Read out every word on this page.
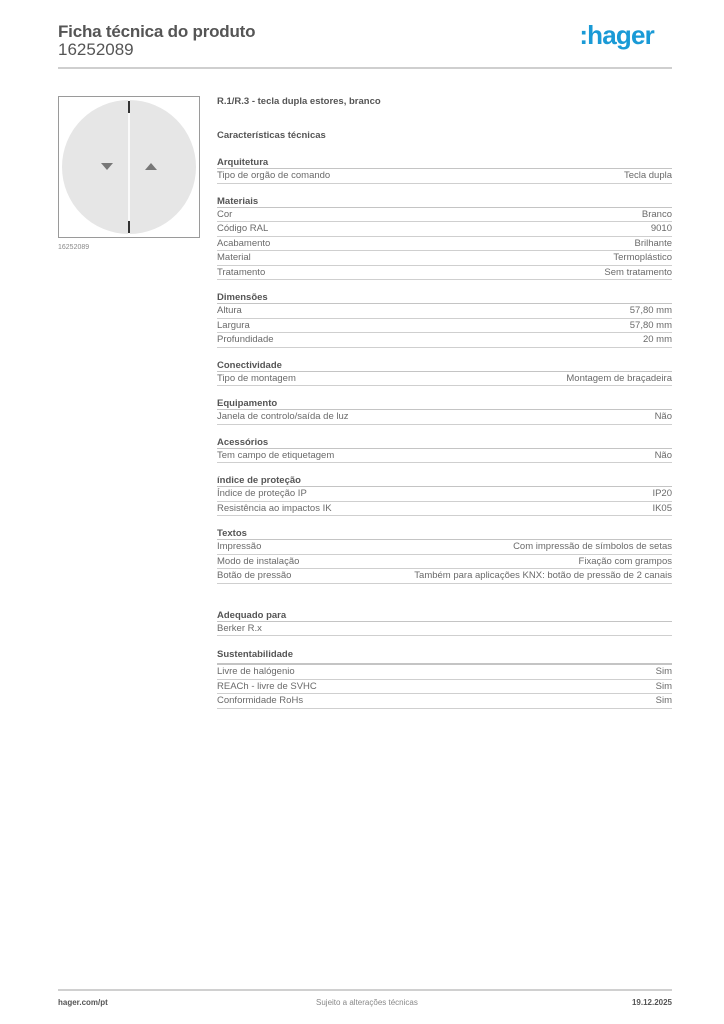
Ficha técnica do produto
16252089	:hager
16252089
R.1/R.3 - tecla dupla estores, branco
Características técnicas
Arquitetura
Tipo de orgão de comando	Tecla dupla
Materiais
Cor	Branco
Código RAL	9010
Acabamento	Brilhante
Material	Termoplástico
Tratamento	Sem tratamento
Dimensões
Altura	57,80 mm
Largura	57,80 mm
Profundidade	20 mm
Conectividade
Tipo de montagem	Montagem de braçadeira
Equipamento
Janela de controlo/saída de luz	Não
Acessórios
Tem campo de etiquetagem	Não
índice de proteção
Índice de proteção IP	IP20
Resistência ao impactos IK	IK05
Textos
Impressão	Com impressão de símbolos de setas
Modo de instalação	Fixação com grampos
Botão de pressão	Também para aplicações KNX: botão de pressão de 2 canais
Adequado para
Berker R.x
Sustentabilidade
Livre de halógenio	Sim
REACh - livre de SVHC	Sim
Conformidade RoHs	Sim
hager.com/pt	Sujeito a alterações técnicas	19.12.2025
